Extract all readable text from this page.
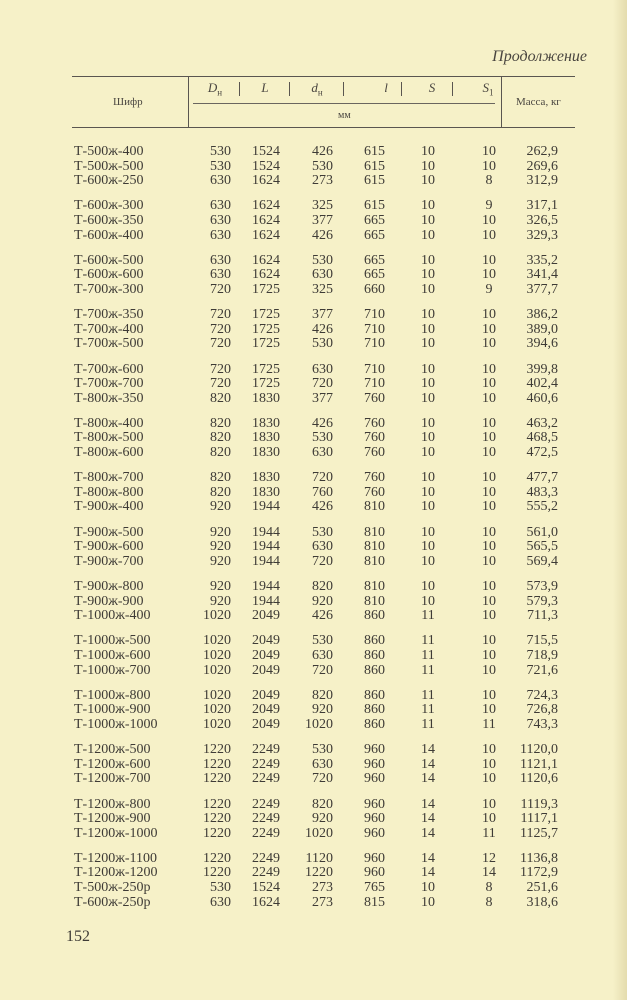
Продолжение
Шифр
$D_н$	L	$d_н$	l	S	$S_1$
мм
Масса, кг
Т-500ж-400	530	1524	426	615	10	10	262,9
Т-500ж-500	530	1524	530	615	10	10	269,6
Т-600ж-250	630	1624	273	615	10	8	312,9
Т-600ж-300	630	1624	325	615	10	9	317,1
Т-600ж-350	630	1624	377	665	10	10	326,5
Т-600ж-400	630	1624	426	665	10	10	329,3
Т-600ж-500	630	1624	530	665	10	10	335,2
Т-600ж-600	630	1624	630	665	10	10	341,4
Т-700ж-300	720	1725	325	660	10	9	377,7
Т-700ж-350	720	1725	377	710	10	10	386,2
Т-700ж-400	720	1725	426	710	10	10	389,0
Т-700ж-500	720	1725	530	710	10	10	394,6
Т-700ж-600	720	1725	630	710	10	10	399,8
Т-700ж-700	720	1725	720	710	10	10	402,4
Т-800ж-350	820	1830	377	760	10	10	460,6
Т-800ж-400	820	1830	426	760	10	10	463,2
Т-800ж-500	820	1830	530	760	10	10	468,5
Т-800ж-600	820	1830	630	760	10	10	472,5
Т-800ж-700	820	1830	720	760	10	10	477,7
Т-800ж-800	820	1830	760	760	10	10	483,3
Т-900ж-400	920	1944	426	810	10	10	555,2
Т-900ж-500	920	1944	530	810	10	10	561,0
Т-900ж-600	920	1944	630	810	10	10	565,5
Т-900ж-700	920	1944	720	810	10	10	569,4
Т-900ж-800	920	1944	820	810	10	10	573,9
Т-900ж-900	920	1944	920	810	10	10	579,3
Т-1000ж-400	1020	2049	426	860	11	10	711,3
Т-1000ж-500	1020	2049	530	860	11	10	715,5
Т-1000ж-600	1020	2049	630	860	11	10	718,9
Т-1000ж-700	1020	2049	720	860	11	10	721,6
Т-1000ж-800	1020	2049	820	860	11	10	724,3
Т-1000ж-900	1020	2049	920	860	11	10	726,8
Т-1000ж-1000	1020	2049	1020	860	11	11	743,3
Т-1200ж-500	1220	2249	530	960	14	10	1120,0
Т-1200ж-600	1220	2249	630	960	14	10	1121,1
Т-1200ж-700	1220	2249	720	960	14	10	1120,6
Т-1200ж-800	1220	2249	820	960	14	10	1119,3
Т-1200ж-900	1220	2249	920	960	14	10	1117,1
Т-1200ж-1000	1220	2249	1020	960	14	11	1125,7
Т-1200ж-1100	1220	2249	1120	960	14	12	1136,8
Т-1200ж-1200	1220	2249	1220	960	14	14	1172,9
Т-500ж-250р	530	1524	273	765	10	8	251,6
Т-600ж-250р	630	1624	273	815	10	8	318,6
152
